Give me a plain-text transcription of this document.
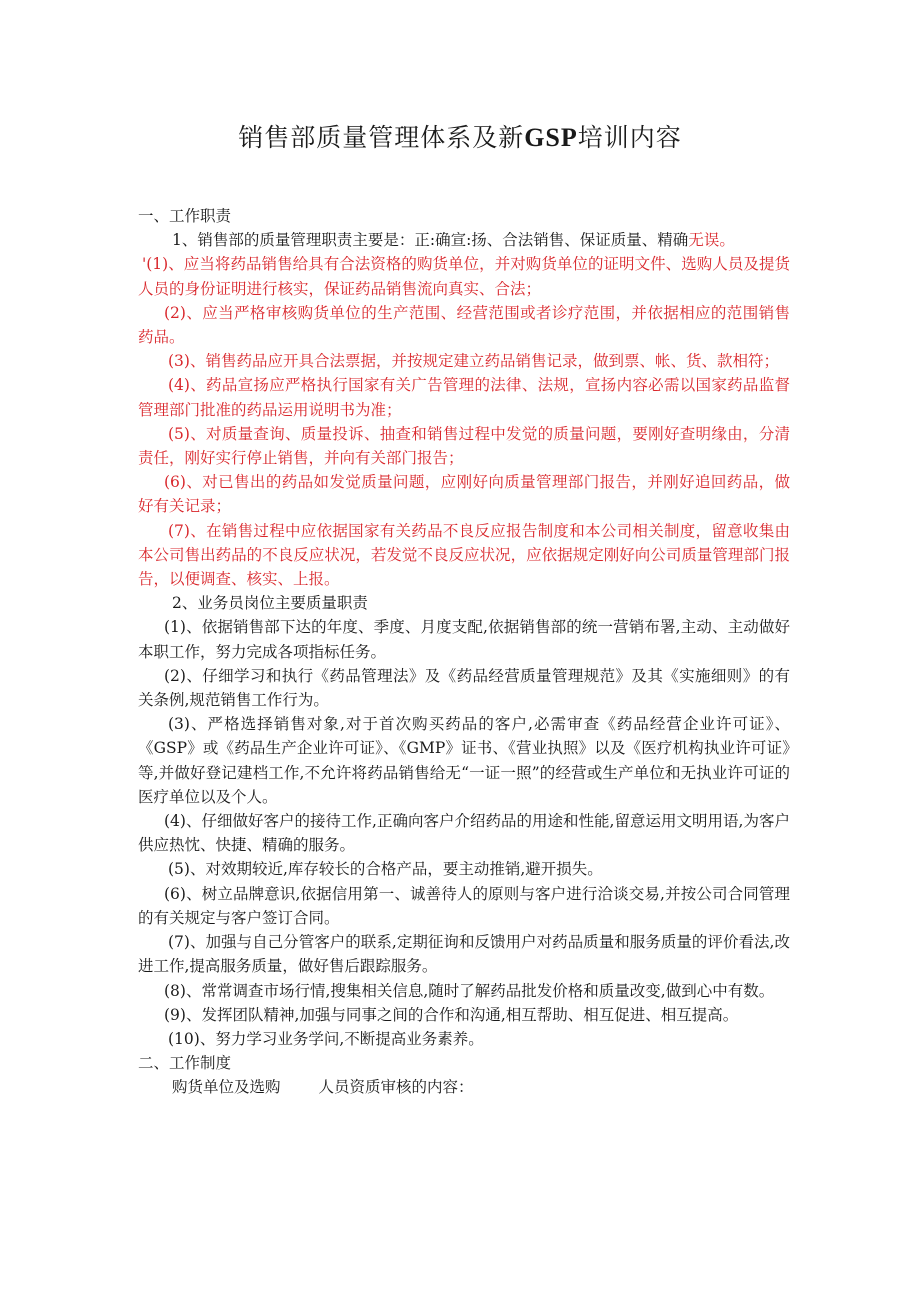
销售部质量管理体系及新GSP培训内容

一、工作职责

1、销售部的质量管理职责主要是：正:确宣:扬、合法销售、保证质量、精确无误。

'(1)、应当将药品销售给具有合法资格的购货单位，并对购货单位的证明文件、选购人员及提货人员的身份证明进行核实，保证药品销售流向真实、合法；

(2)、应当严格审核购货单位的生产范围、经营范围或者诊疗范围，并依据相应的范围销售药品。

(3)、销售药品应开具合法票据，并按规定建立药品销售记录，做到票、帐、货、款相符；

(4)、药品宣扬应严格执行国家有关广告管理的法律、法规，宣扬内容必需以国家药品监督管理部门批准的药品运用说明书为准；

(5)、对质量查询、质量投诉、抽查和销售过程中发觉的质量问题，要刚好查明缘由，分清责任，刚好实行停止销售，并向有关部门报告；

(6)、对已售出的药品如发觉质量问题，应刚好向质量管理部门报告，并刚好追回药品，做好有关记录；

(7)、在销售过程中应依据国家有关药品不良反应报告制度和本公司相关制度，留意收集由本公司售出药品的不良反应状况，若发觉不良反应状况，应依据规定刚好向公司质量管理部门报告，以便调查、核实、上报。

2、业务员岗位主要质量职责

(1)、依据销售部下达的年度、季度、月度支配,依据销售部的统一营销布署,主动、主动做好本职工作，努力完成各项指标任务。

(2)、仔细学习和执行《药品管理法》及《药品经营质量管理规范》及其《实施细则》的有关条例,规范销售工作行为。

(3)、严格选择销售对象,对于首次购买药品的客户,必需审查《药品经营企业许可证》、《GSP》或《药品生产企业许可证》、《GMP》证书、《营业执照》以及《医疗机构执业许可证》等,并做好登记建档工作,不允许将药品销售给无“一证一照”的经营或生产单位和无执业许可证的医疗单位以及个人。

(4)、仔细做好客户的接待工作,正确向客户介绍药品的用途和性能,留意运用文明用语,为客户供应热忱、快捷、精确的服务。

(5)、对效期较近,库存较长的合格产品，要主动推销,避开损失。

(6)、树立品牌意识,依据信用第一、诚善待人的原则与客户进行洽谈交易,并按公司合同管理的有关规定与客户签订合同。

(7)、加强与自己分管客户的联系,定期征询和反馈用户对药品质量和服务质量的评价看法,改进工作,提高服务质量，做好售后跟踪服务。

(8)、常常调查市场行情,搜集相关信息,随时了解药品批发价格和质量改变,做到心中有数。

(9)、发挥团队精神,加强与同事之间的合作和沟通,相互帮助、相互促进、相互提高。

(10)、努力学习业务学问,不断提高业务素养。

二、工作制度

购货单位及选购 人员资质审核的内容：
